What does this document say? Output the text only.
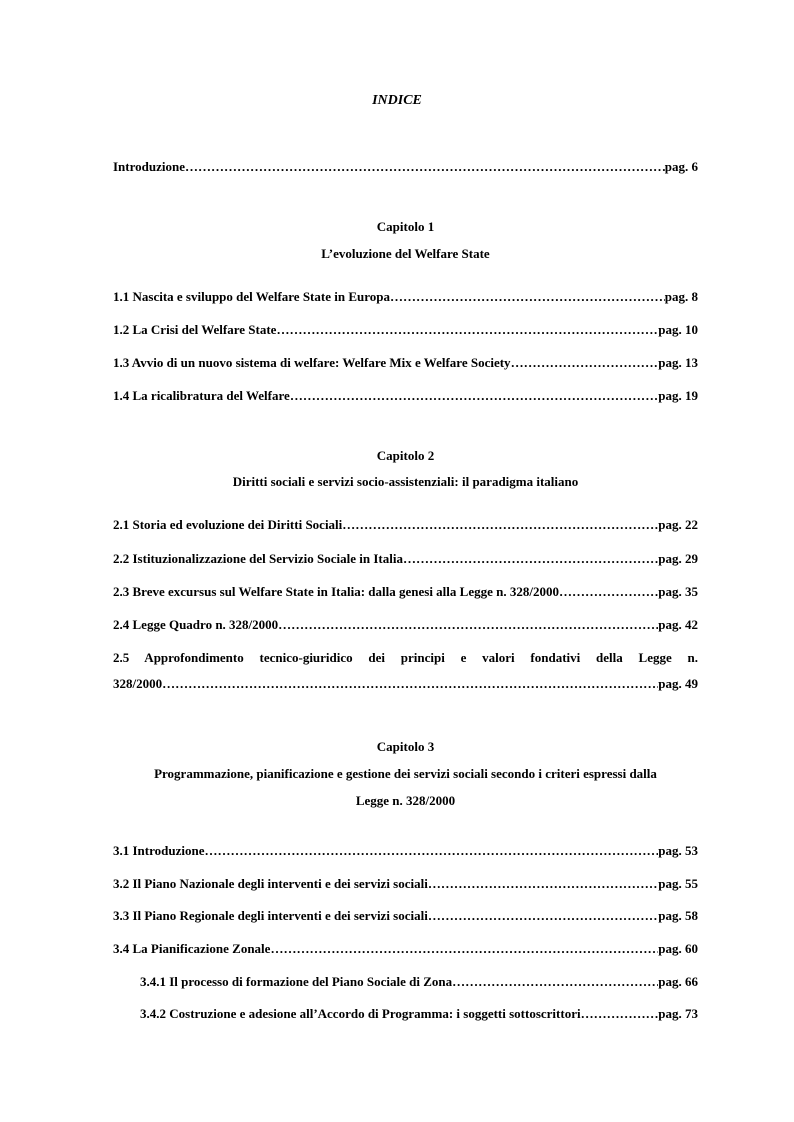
INDICE
Introduzione …………………………………………………………………………………………………………………………………………………………………………………	pag. 6
Capitolo 1
L’evoluzione del Welfare State
1.1 Nascita e sviluppo del Welfare State in Europa …………………………………………………………………………………………………………………………………………………………………………………	pag. 8
1.2 La Crisi del Welfare State …………………………………………………………………………………………………………………………………………………………………………………	pag. 10
1.3 Avvio di un nuovo sistema di welfare: Welfare Mix e Welfare Society …………………………………………………………………………………………………………………………………………………………………………………	pag. 13
1.4 La ricalibratura del Welfare …………………………………………………………………………………………………………………………………………………………………………………	pag. 19
Capitolo 2
Diritti sociali e servizi socio-assistenziali: il paradigma italiano
2.1 Storia ed evoluzione dei Diritti Sociali …………………………………………………………………………………………………………………………………………………………………………………	pag. 22
2.2 Istituzionalizzazione del Servizio Sociale in Italia …………………………………………………………………………………………………………………………………………………………………………………	pag. 29
2.3 Breve excursus sul Welfare State in Italia: dalla genesi alla Legge n. 328/2000 …………………………………………………………………………………………………………………………………………………………………………………	pag. 35
2.4 Legge Quadro n. 328/2000 …………………………………………………………………………………………………………………………………………………………………………………	pag. 42
2.5 Approfondimento tecnico-giuridico dei principi e valori fondativi della Legge n.
328/2000 …………………………………………………………………………………………………………………………………………………………………………………	pag. 49
Capitolo 3
Programmazione, pianificazione e gestione dei servizi sociali secondo i criteri espressi dalla
Legge n. 328/2000
3.1 Introduzione …………………………………………………………………………………………………………………………………………………………………………………	pag. 53
3.2 Il Piano Nazionale degli interventi e dei servizi sociali …………………………………………………………………………………………………………………………………………………………………………………	pag. 55
3.3 Il Piano Regionale degli interventi e dei servizi sociali …………………………………………………………………………………………………………………………………………………………………………………	pag. 58
3.4 La Pianificazione Zonale …………………………………………………………………………………………………………………………………………………………………………………	pag. 60
3.4.1 Il processo di formazione del Piano Sociale di Zona …………………………………………………………………………………………………………………………………………………………………………………	pag. 66
3.4.2 Costruzione e adesione all’Accordo di Programma: i soggetti sottoscrittori …………………………………………………………………………………………………………………………………………………………………………………	pag. 73
